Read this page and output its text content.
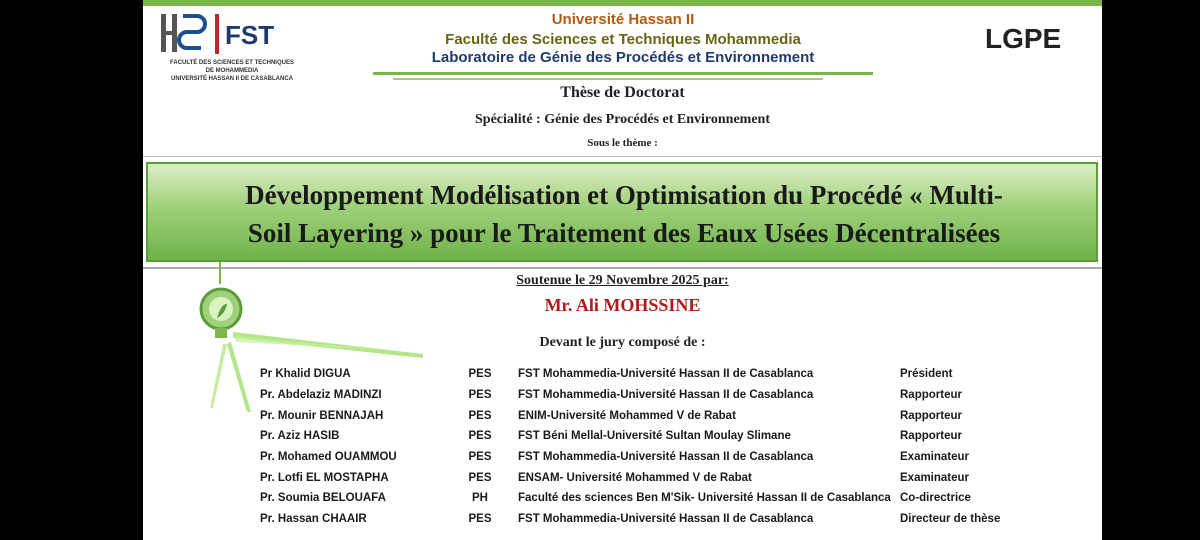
FST
FACULTÉ DES SCIENCES ET TECHNIQUES
DE MOHAMMEDIA
UNIVERSITÉ HASSAN II DE CASABLANCA
LGPE
Université Hassan II
Faculté des Sciences et Techniques Mohammedia
Laboratoire de Génie des Procédés et Environnement
Thèse de Doctorat
Spécialité : Génie des Procédés et Environnement
Sous le thème :
Développement Modélisation et Optimisation du Procédé « Multi-
Soil Layering » pour le Traitement des Eaux Usées Décentralisées
Soutenue le 29 Novembre 2025 par:
Mr. Ali MOHSSINE
Devant le jury composé de :
Pr Khalid DIGUA	PES	FST Mohammedia-Université Hassan II de Casablanca	Président
Pr. Abdelaziz MADINZI	PES	FST Mohammedia-Université Hassan II de Casablanca	Rapporteur
Pr. Mounir BENNAJAH	PES	ENIM-Université Mohammed V de Rabat	Rapporteur
Pr. Aziz HASIB	PES	FST Béni Mellal-Université Sultan Moulay Slimane	Rapporteur
Pr. Mohamed OUAMMOU	PES	FST Mohammedia-Université Hassan II de Casablanca	Examinateur
Pr. Lotfi EL MOSTAPHA	PES	ENSAM- Université Mohammed V de Rabat	Examinateur
Pr. Soumia BELOUAFA	PH	Faculté des sciences Ben M'Sik- Université Hassan II de Casablanca	Co-directrice
Pr. Hassan CHAAIR	PES	FST Mohammedia-Université Hassan II de Casablanca	Directeur de thèse
